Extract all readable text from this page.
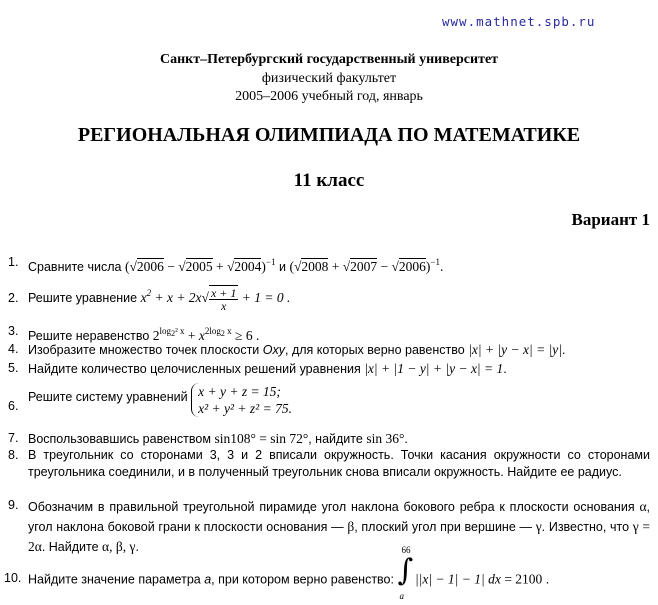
www.mathnet.spb.ru
Санкт–Петербургский государственный университет
физический факультет
2005–2006 учебный год, январь
РЕГИОНАЛЬНАЯ ОЛИМПИАДА ПО МАТЕМАТИКЕ
11 класс
Вариант 1
1. Сравните числа $(√2006 - √2005 + √2004)^{-1}$ и $(√2008 + √2007 - √2006)^{-1}$.
2. Решите уравнение $x^2 + x + 2x√ \frac{x + 1}{x} + 1 = 0$ .
3. Решите неравенство $2^{log2^2 x} + x^{2log2 x} \ge 6$ .
4. Изобразите множество точек плоскости Oxy, для которых верно равенство |x| + |y − x| = |y|.
5. Найдите количество целочисленных решений уравнения |x| + |1 − y| + |y − x| = 1.
6.
Решите систему уравнений x + y + z = 15;
x² + y² + z² = 75.
7. Воспользовавшись равенством sin108° = sin 72°, найдите sin 36°.
8. В треугольник со сторонами 3, 3 и 2 вписали окружность. Точки касания окружности со сторонами треугольника соединили, и в полученный треугольник снова вписали окружность. Найдите ее радиус.
9. Обозначим в правильной треугольной пирамиде угол наклона бокового ребра к плоскости основания α, угол наклона боковой грани к плоскости основания — β, плоский угол при вершине — γ. Известно, что γ = 2α. Найдите α, β, γ.
10. Найдите значение параметра a, при котором верно равенство:
66
∫
a
||x| − 1| − 1| dx = 2100 .
